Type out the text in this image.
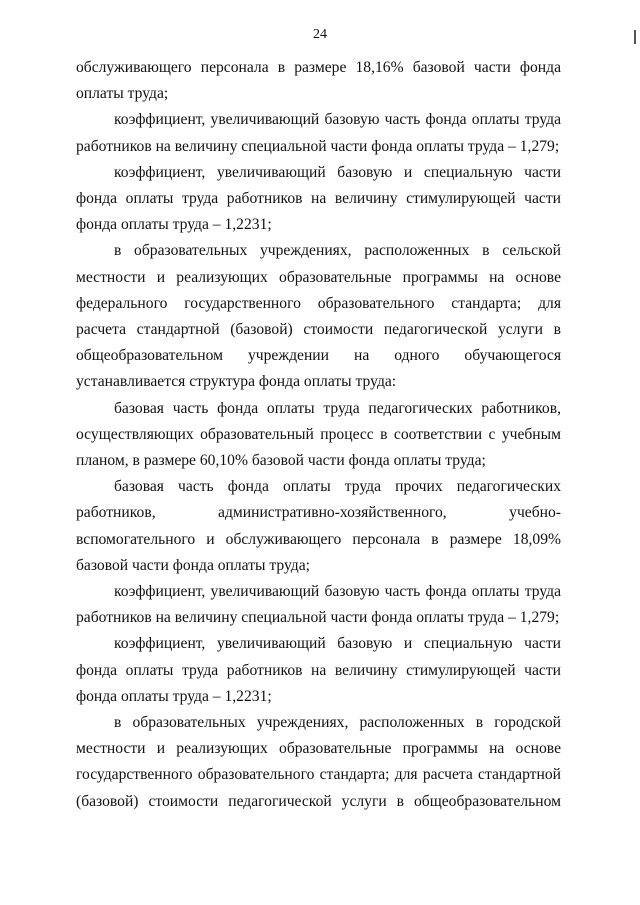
24

обслуживающего персонала в размере 18,16% базовой части фонда оплаты труда;

коэффициент, увеличивающий базовую часть фонда оплаты труда работников на величину специальной части фонда оплаты труда – 1,279;

коэффициент, увеличивающий базовую и специальную части фонда оплаты труда работников на величину стимулирующей части фонда оплаты труда – 1,2231;

в образовательных учреждениях, расположенных в сельской местности и реализующих образовательные программы на основе федерального государственного образовательного стандарта; для расчета стандартной (базовой) стоимости педагогической услуги в общеобразовательном учреждении на одного обучающегося устанавливается структура фонда оплаты труда:

базовая часть фонда оплаты труда педагогических работников, осуществляющих образовательный процесс в соответствии с учебным планом, в размере 60,10% базовой части фонда оплаты труда;

базовая часть фонда оплаты труда прочих педагогических работников, административно-хозяйственного, учебно-вспомогательного и обслуживающего персонала в размере 18,09% базовой части фонда оплаты труда;

коэффициент, увеличивающий базовую часть фонда оплаты труда работников на величину специальной части фонда оплаты труда – 1,279;

коэффициент, увеличивающий базовую и специальную части фонда оплаты труда работников на величину стимулирующей части фонда оплаты труда – 1,2231;

в образовательных учреждениях, расположенных в городской местности и реализующих образовательные программы на основе государственного образовательного стандарта; для расчета стандартной (базовой) стоимости педагогической услуги в общеобразовательном
